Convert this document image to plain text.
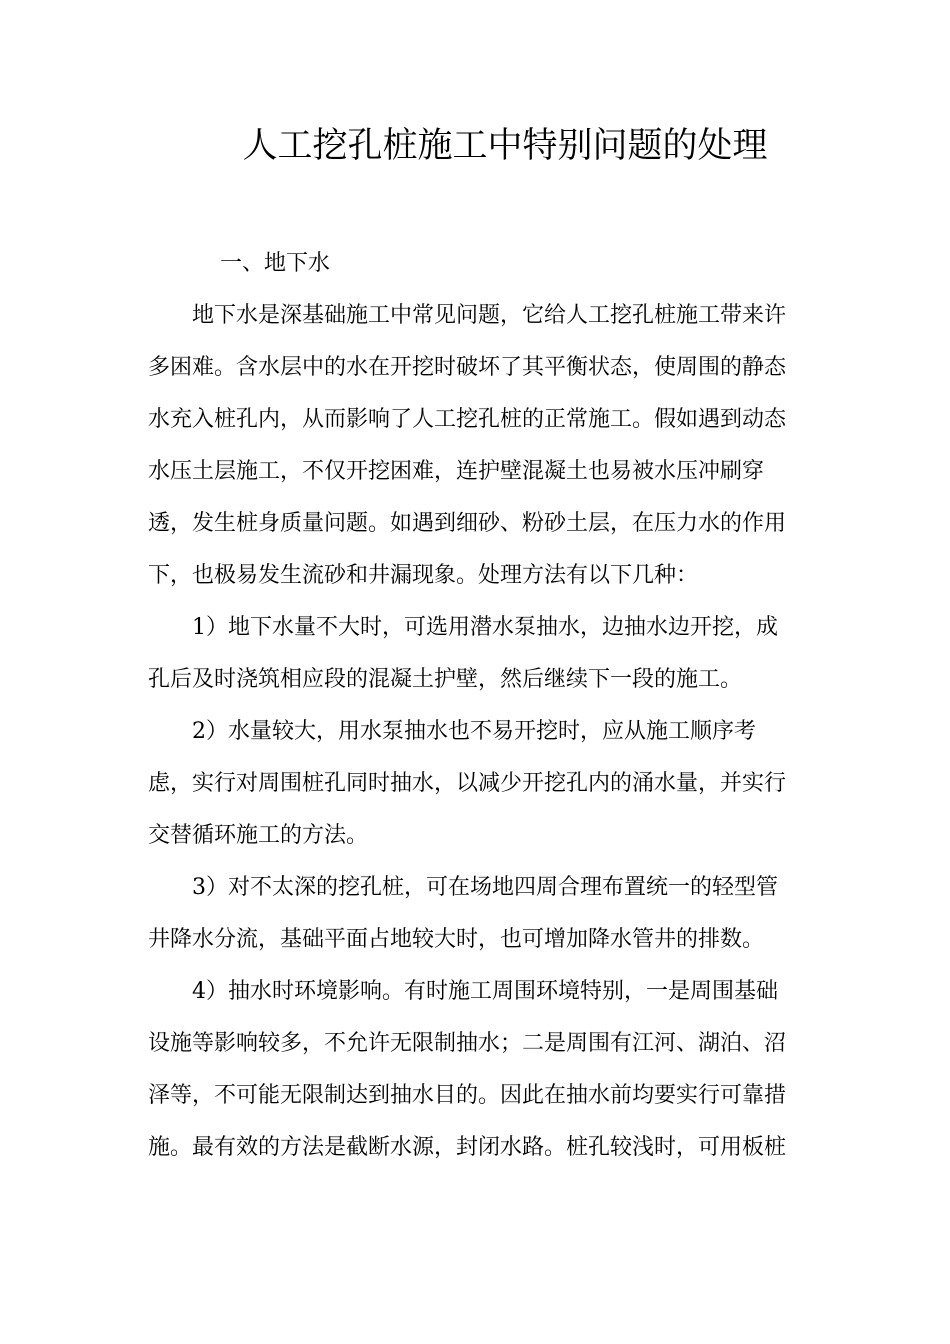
人工挖孔桩施工中特别问题的处理
一、地下水
地下水是深基础施工中常见问题，它给人工挖孔桩施工带来许
多困难。含水层中的水在开挖时破坏了其平衡状态，使周围的静态
水充入桩孔内，从而影响了人工挖孔桩的正常施工。假如遇到动态
水压土层施工，不仅开挖困难，连护壁混凝土也易被水压冲刷穿
透，发生桩身质量问题。如遇到细砂、粉砂土层，在压力水的作用
下，也极易发生流砂和井漏现象。处理方法有以下几种：
1）地下水量不大时，可选用潜水泵抽水，边抽水边开挖，成
孔后及时浇筑相应段的混凝土护壁，然后继续下一段的施工。
2）水量较大，用水泵抽水也不易开挖时，应从施工顺序考
虑，实行对周围桩孔同时抽水，以减少开挖孔内的涌水量，并实行
交替循环施工的方法。
3）对不太深的挖孔桩，可在场地四周合理布置统一的轻型管
井降水分流，基础平面占地较大时，也可增加降水管井的排数。
4）抽水时环境影响。有时施工周围环境特别，一是周围基础
设施等影响较多，不允许无限制抽水；二是周围有江河、湖泊、沼
泽等，不可能无限制达到抽水目的。因此在抽水前均要实行可靠措
施。最有效的方法是截断水源，封闭水路。桩孔较浅时，可用板桩
